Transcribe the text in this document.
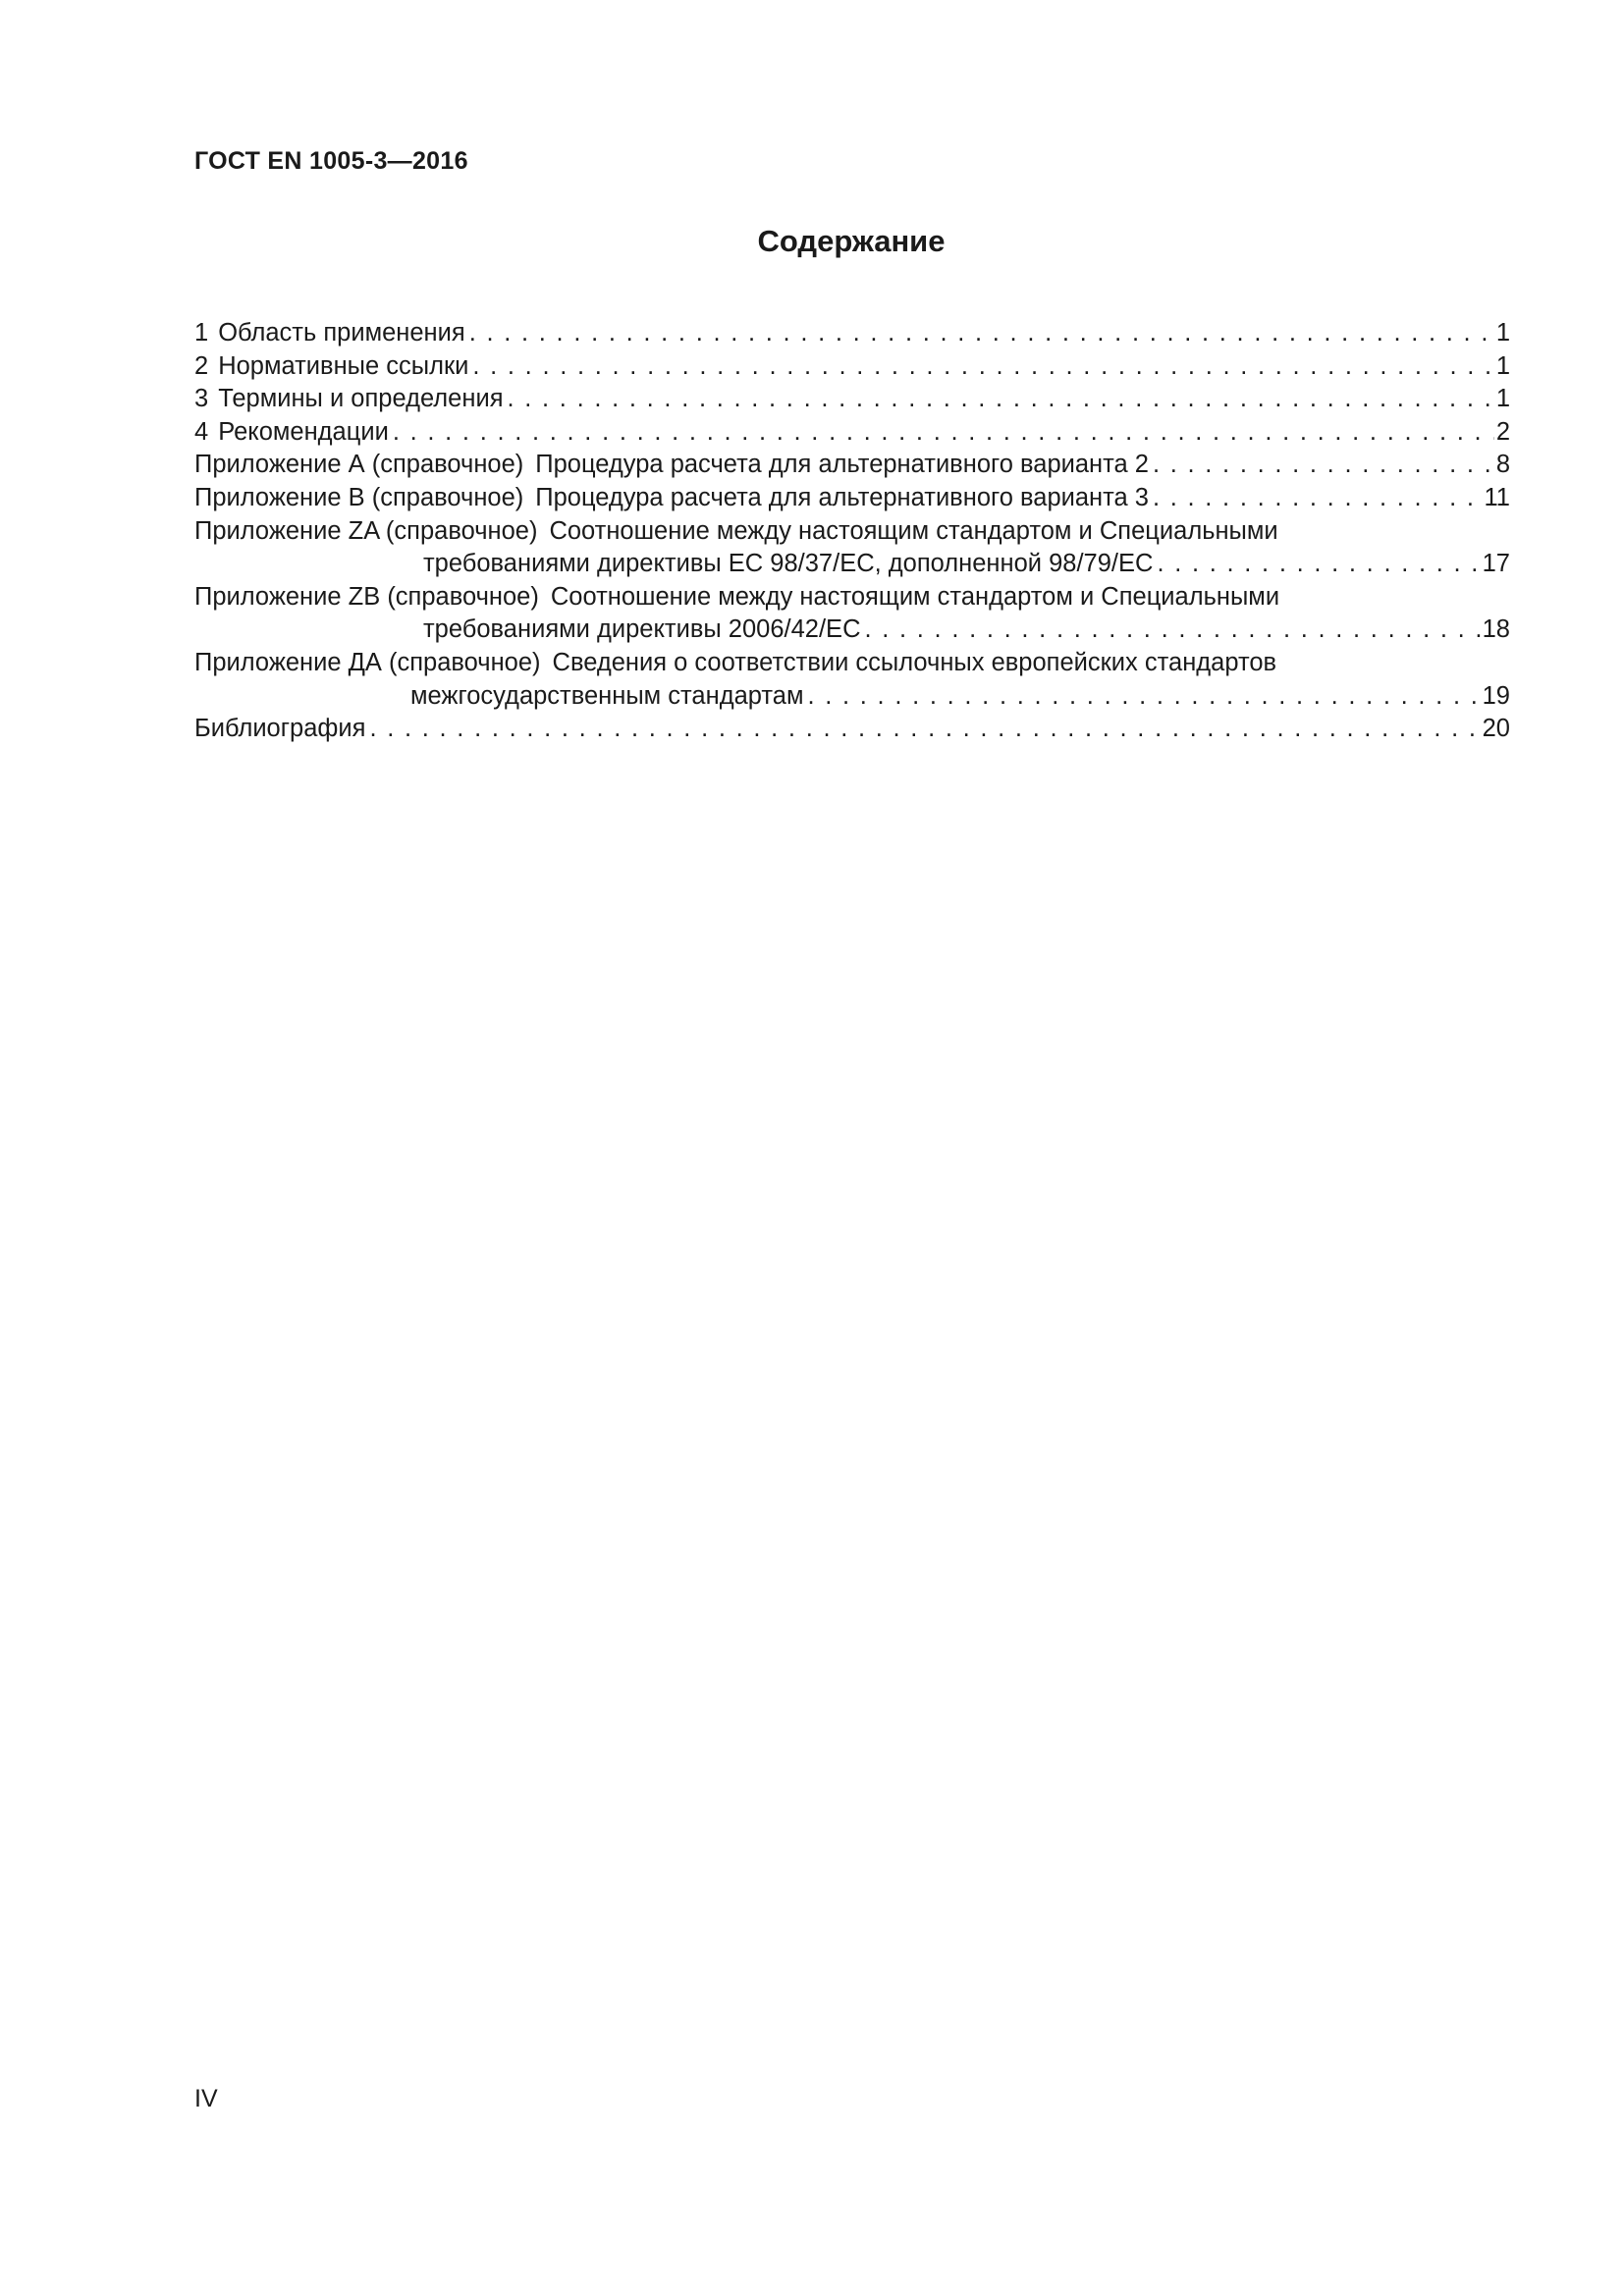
ГОСТ EN 1005-3—2016
Содержание
1 Область применения . . .	1
2 Нормативные ссылки . . .	1
3 Термины и определения . . .	1
4 Рекомендации . . .	2
Приложение А (справочное) Процедура расчета для альтернативного варианта 2 . . .	8
Приложение В (справочное) Процедура расчета для альтернативного варианта 3 . . .	11
Приложение ZA (справочное) Соотношение между настоящим стандартом и Специальными
требованиями директивы ЕС 98/37/ЕС, дополненной 98/79/ЕС . . .	17
Приложение ZB (справочное) Соотношение между настоящим стандартом и Специальными
требованиями директивы 2006/42/ЕС . . .	18
Приложение ДА (справочное) Сведения о соответствии ссылочных европейских стандартов
межгосударственным стандартам . . .	19
Библиография . . .	20
IV
